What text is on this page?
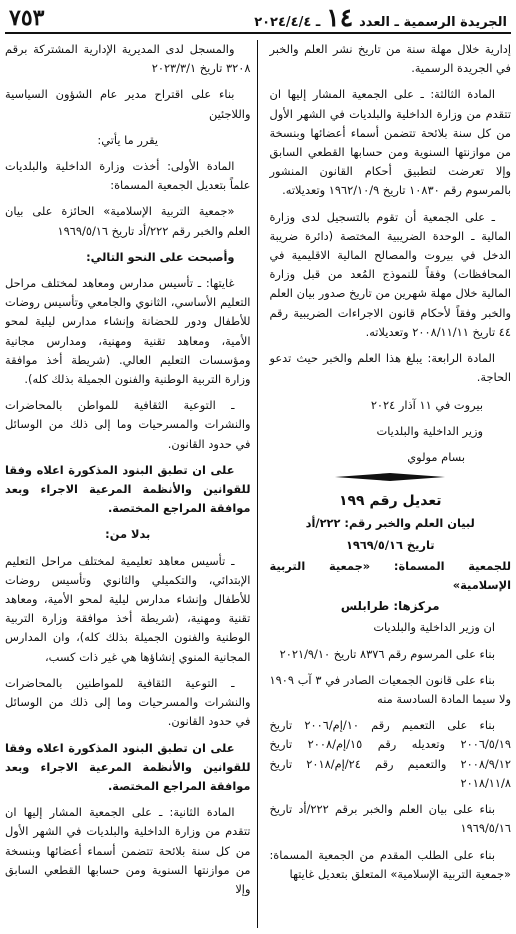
الجريدة الرسمية ـ العدد
١٤
ـ ٢٠٢٤/٤/٤
٧٥٣

إدارية خلال مهلة سنة من تاريخ نشر العلم والخبر في الجريدة الرسمية.

المادة الثالثة: ـ على الجمعية المشار إليها ان تتقدم من وزارة الداخلية والبلديات في الشهر الأول من كل سنة بلائحة تتضمن أسماء أعضائها وبنسخة من موازنتها السنوية ومن حسابها القطعي السابق وإلا تعرضت لتطبيق أحكام القانون المنشور بالمرسوم رقم ١٠٨٣٠ تاريخ ١٩٦٢/١٠/٩ وتعديلاته.

ـ على الجمعية أن تقوم بالتسجيل لدى وزارة المالية ـ الوحدة الضريبية المختصة (دائرة ضريبة الدخل في بيروت والمصالح المالية الاقليمية في المحافظات) وفقاً للنموذج المُعد من قبل وزارة المالية خلال مهلة شهرين من تاريخ صدور بيان العلم والخبر وفقاً لأحكام قانون الاجراءات الضريبية رقم ٤٤ تاريخ ٢٠٠٨/١١/١١ وتعديلاته.

المادة الرابعة: يبلغ هذا العلم والخبر حيث تدعو الحاجة.

بيروت في ١١ آذار ٢٠٢٤

وزير الداخلية والبلديات

بسام مولوي

تعديل رقم ١٩٩

لبيان العلم والخبر رقم: ٢٢٢/أد

تاريخ ١٩٦٩/٥/١٦

للجمعية المسماة: «جمعية التربية الإسلامية»

مركزها: طرابلس

ان وزير الداخلية والبلديات

بناء على المرسوم رقم ٨٣٧٦ تاريخ ٢٠٢١/٩/١٠

بناء على قانون الجمعيات الصادر في ٣ آب ١٩٠٩ ولا سيما المادة السادسة منه

بناء على التعميم رقم ١٠/إم/٢٠٠٦ تاريخ ٢٠٠٦/٥/١٩ وتعديله رقم ١٥/إم/٢٠٠٨ تاريخ ٢٠٠٨/٩/١٢ والتعميم رقم ٢٤/إم/٢٠١٨ تاريخ ٢٠١٨/١١/٨

بناء على بيان العلم والخبر برقم ٢٢٢/أد تاريخ ١٩٦٩/٥/١٦

بناء على الطلب المقدم من الجمعية المسماة: «جمعية التربية الإسلامية» المتعلق بتعديل غايتها

والمسجل لدى المديرية الإدارية المشتركة برقم ٣٢٠٨ تاريخ ٢٠٢٣/٣/١

بناء على اقتراح مدير عام الشؤون السياسية واللاجئين

يقرر ما يأتي:

المادة الأولى: أخذت وزارة الداخلية والبلديات علماً بتعديل الجمعية المسماة:

«جمعية التربية الإسلامية» الحائزة على بيان العلم والخبر رقم ٢٢٢/أد تاريخ ١٩٦٩/٥/١٦

وأصبحت على النحو التالي:

غايتها: ـ تأسيس مدارس ومعاهد لمختلف مراحل التعليم الأساسي، الثانوي والجامعي وتأسيس روضات للأطفال ودور للحضانة وإنشاء مدارس ليلية لمحو الأمية، ومعاهد تقنية ومهنية، ومدارس مجانية ومؤسسات التعليم العالي. (شريطة أخذ موافقة وزارة التربية الوطنية والفنون الجميلة بذلك كله).

ـ التوعية الثقافية للمواطن بالمحاضرات والنشرات والمسرحيات وما إلى ذلك من الوسائل في حدود القانون.

على ان تطبق البنود المذكورة اعلاه وفقا للقوانين والأنظمة المرعية الاجراء وبعد موافقة المراجع المختصة.

بدلا من:

ـ تأسيس معاهد تعليمية لمختلف مراحل التعليم الإبتدائي، والتكميلي والثانوي وتأسيس روضات للأطفال وإنشاء مدارس ليلية لمحو الأمية، ومعاهد تقنية ومهنية، (شريطة أخذ موافقة وزارة التربية الوطنية والفنون الجميلة بذلك كله)، وان المدارس المجانية المنوي إنشاؤها هي غير ذات كسب،

ـ التوعية الثقافية للمواطنين بالمحاضرات والنشرات والمسرحيات وما إلى ذلك من الوسائل في حدود القانون.

على ان تطبق البنود المذكورة اعلاه وفقا للقوانين والأنظمة المرعية الاجراء وبعد موافقة المراجع المختصة.

المادة الثانية: ـ على الجمعية المشار إليها ان تتقدم من وزارة الداخلية والبلديات في الشهر الأول من كل سنة بلائحة تتضمن أسماء أعضائها وبنسخة من موازنتها السنوية ومن حسابها القطعي السابق وإلا
